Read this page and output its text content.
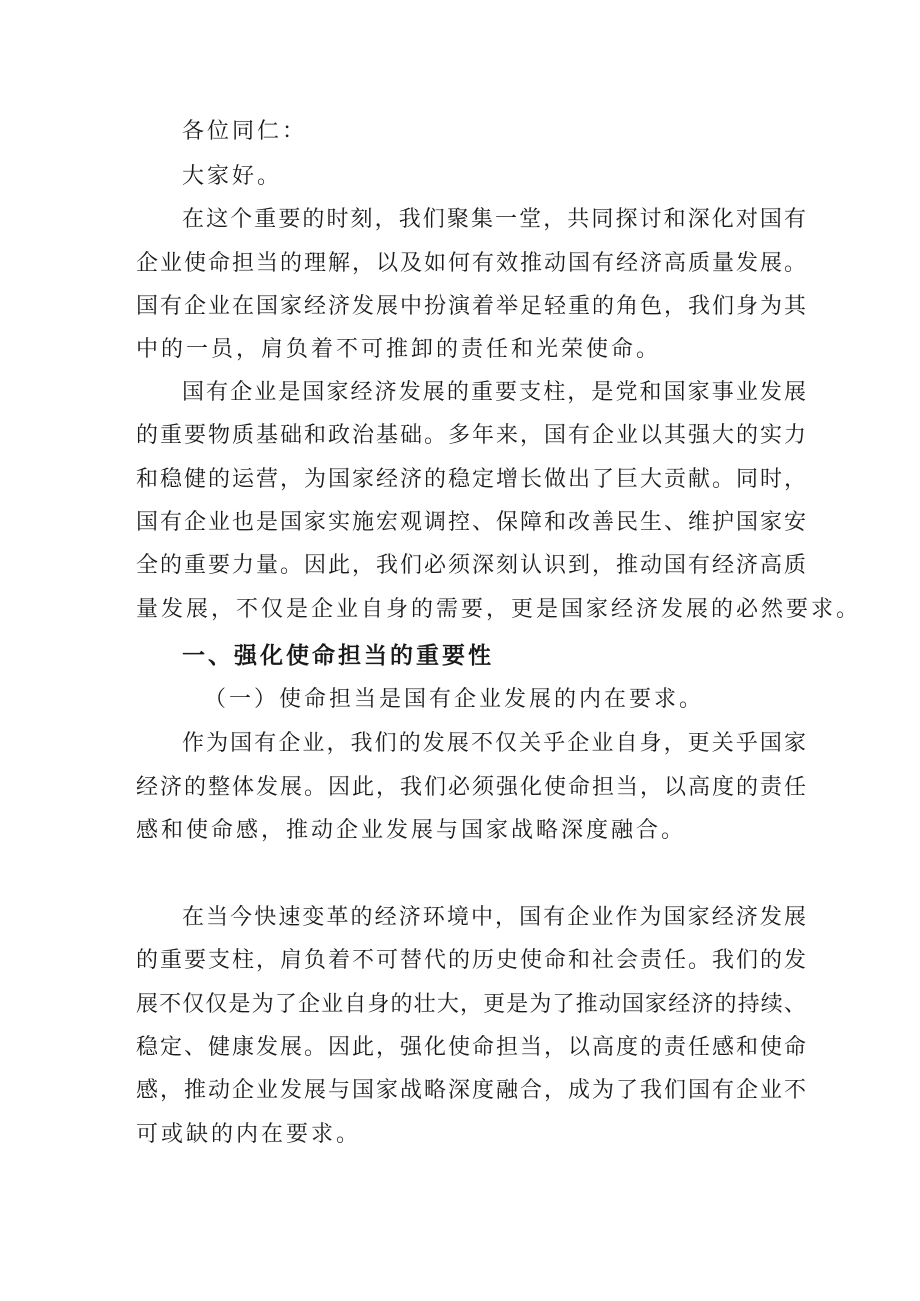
各位同仁：
大家好。
在这个重要的时刻，我们聚集一堂，共同探讨和深化对国有
企业使命担当的理解，以及如何有效推动国有经济高质量发展。
国有企业在国家经济发展中扮演着举足轻重的角色，我们身为其
中的一员，肩负着不可推卸的责任和光荣使命。
国有企业是国家经济发展的重要支柱，是党和国家事业发展
的重要物质基础和政治基础。多年来，国有企业以其强大的实力
和稳健的运营，为国家经济的稳定增长做出了巨大贡献。同时，
国有企业也是国家实施宏观调控、保障和改善民生、维护国家安
全的重要力量。因此，我们必须深刻认识到，推动国有经济高质
量发展，不仅是企业自身的需要，更是国家经济发展的必然要求。
一、强化使命担当的重要性
（一）使命担当是国有企业发展的内在要求。
作为国有企业，我们的发展不仅关乎企业自身，更关乎国家
经济的整体发展。因此，我们必须强化使命担当，以高度的责任
感和使命感，推动企业发展与国家战略深度融合。
在当今快速变革的经济环境中，国有企业作为国家经济发展
的重要支柱，肩负着不可替代的历史使命和社会责任。我们的发
展不仅仅是为了企业自身的壮大，更是为了推动国家经济的持续、
稳定、健康发展。因此，强化使命担当，以高度的责任感和使命
感，推动企业发展与国家战略深度融合，成为了我们国有企业不
可或缺的内在要求。
